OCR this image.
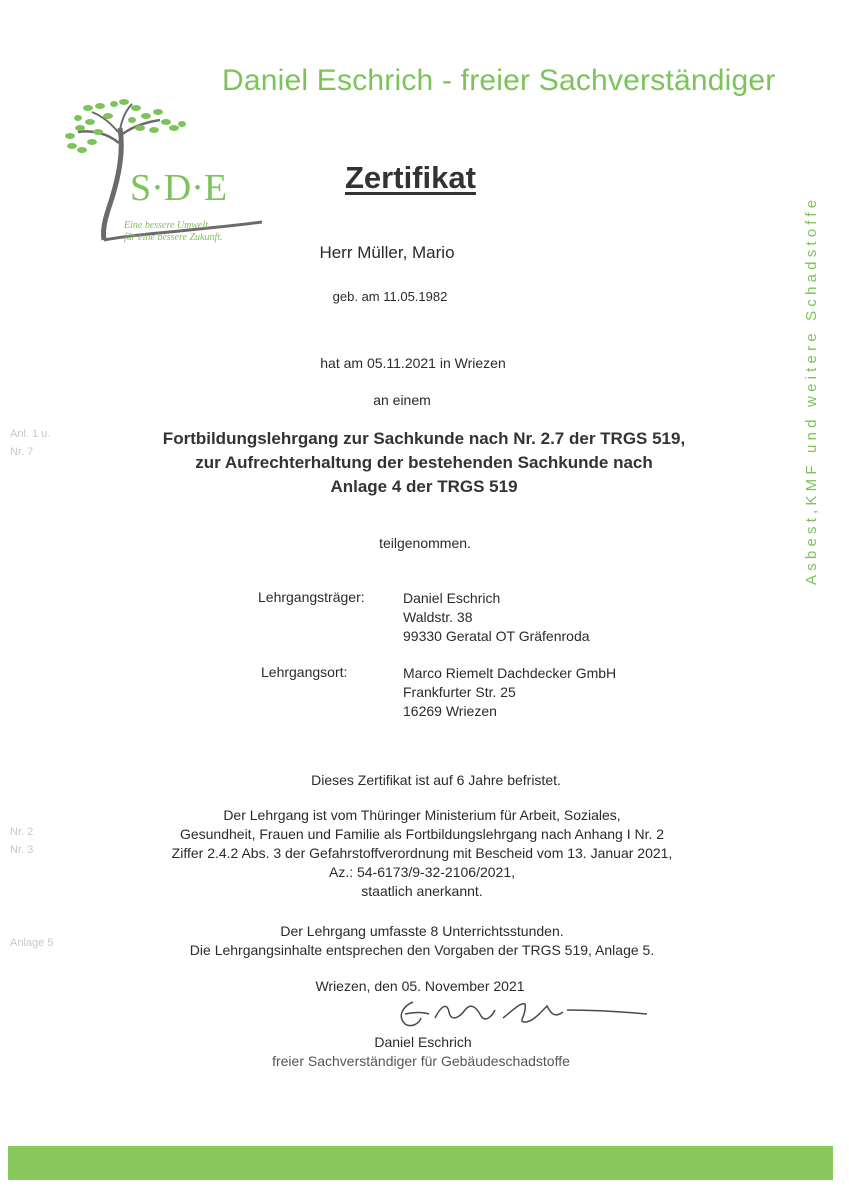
Daniel Eschrich - freier Sachverständiger
Asbest,KMF und weitere Schadstoffe
S·D·E
Eine bessere Umwelt
für eine bessere Zukunft.
Zertifikat
Herr Müller, Mario
geb. am 11.05.1982
hat am 05.11.2021 in Wriezen
an einem
Fortbildungslehrgang zur Sachkunde nach Nr. 2.7 der TRGS 519,
zur Aufrechterhaltung der bestehenden Sachkunde nach
Anlage 4 der TRGS 519
teilgenommen.
Lehrgangsträger:	Daniel Eschrich
Waldstr. 38
99330 Geratal OT Gräfenroda
Lehrgangsort:	Marco Riemelt Dachdecker GmbH
Frankfurter Str. 25
16269 Wriezen
Dieses Zertifikat ist auf 6 Jahre befristet.
Der Lehrgang ist vom Thüringer Ministerium für Arbeit, Soziales,
Gesundheit, Frauen und Familie als Fortbildungslehrgang nach Anhang I Nr. 2
Ziffer 2.4.2 Abs. 3 der Gefahrstoffverordnung mit Bescheid vom 13. Januar 2021,
Az.: 54-6173/9-32-2106/2021,
staatlich anerkannt.
Der Lehrgang umfasste 8 Unterrichtsstunden.
Die Lehrgangsinhalte entsprechen den Vorgaben der TRGS 519, Anlage 5.
Wriezen, den 05. November 2021
Daniel Eschrich
freier Sachverständiger für Gebäudeschadstoffe
Anl. 1 u.
Nr. 7
Nr. 2
Nr. 3
Anlage 5
